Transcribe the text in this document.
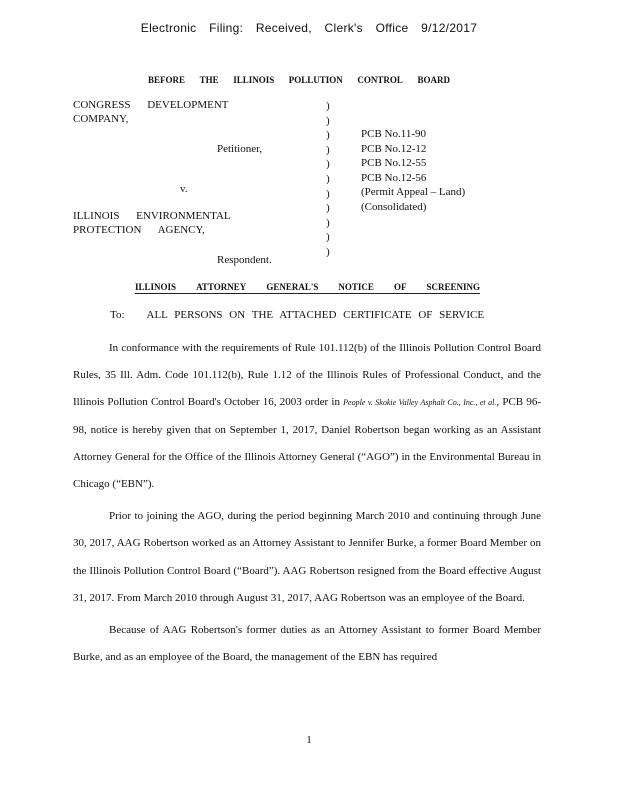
Electronic Filing: Received, Clerk's Office 9/12/2017
BEFORE THE ILLINOIS POLLUTION CONTROL BOARD
CONGRESS DEVELOPMENT
COMPANY,
Petitioner,
v.
ILLINOIS ENVIRONMENTAL
PROTECTION AGENCY,
Respondent.
)
)
)
)
)
)
)
)
)
)
)
PCB No.11-90
PCB No.12-12
PCB No.12-55
PCB No.12-56
(Permit Appeal – Land)
(Consolidated)
ILLINOIS ATTORNEY GENERAL'S NOTICE OF SCREENING
To: ALL PERSONS ON THE ATTACHED CERTIFICATE OF SERVICE

In conformance with the requirements of Rule 101.112(b) of the Illinois Pollution Control Board Rules, 35 Ill. Adm. Code 101.112(b), Rule 1.12 of the Illinois Rules of Professional Conduct, and the Illinois Pollution Control Board's October 16, 2003 order in People v. Skokie Valley Asphalt Co., Inc., et al., PCB 96-98, notice is hereby given that on September 1, 2017, Daniel Robertson began working as an Assistant Attorney General for the Office of the Illinois Attorney General (“AGO”) in the Environmental Bureau in Chicago (“EBN”).

Prior to joining the AGO, during the period beginning March 2010 and continuing through June 30, 2017, AAG Robertson worked as an Attorney Assistant to Jennifer Burke, a former Board Member on the Illinois Pollution Control Board (“Board”). AAG Robertson resigned from the Board effective August 31, 2017. From March 2010 through August 31, 2017, AAG Robertson was an employee of the Board.

Because of AAG Robertson's former duties as an Attorney Assistant to former Board Member Burke, and as an employee of the Board, the management of the EBN has required

1
